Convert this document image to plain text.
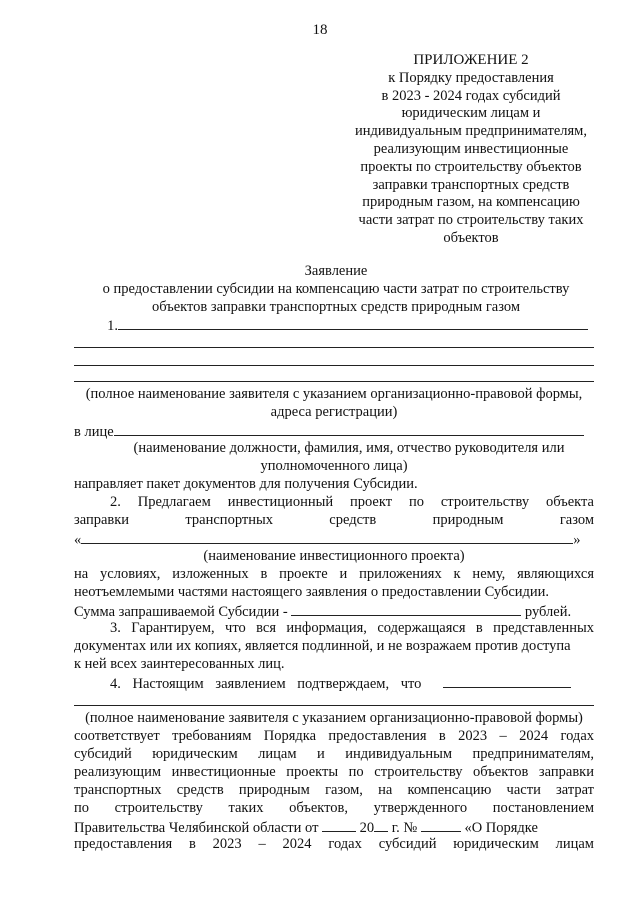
18
ПРИЛОЖЕНИЕ 2
к Порядку предоставления
в 2023 - 2024 годах субсидий
юридическим лицам и
индивидуальным предпринимателям,
реализующим инвестиционные
проекты по строительству объектов
заправки транспортных средств
природным газом, на компенсацию
части затрат по строительству таких
объектов
Заявление
о предоставлении субсидии на компенсацию части затрат по строительству
объектов заправки транспортных средств природным газом
1.
(полное наименование заявителя с указанием организационно-правовой формы,
адреса регистрации)
в лице
(наименование должности, фамилия, имя, отчество руководителя или
уполномоченного лица)
направляет пакет документов для получения Субсидии.
2. Предлагаем инвестиционный проект по строительству объекта
заправки транспортных средств природным газом
«	»
(наименование инвестиционного проекта)
на условиях, изложенных в проекте и приложениях к нему, являющихся
неотъемлемыми частями настоящего заявления о предоставлении Субсидии.
Сумма запрашиваемой Субсидии -	рублей.
3. Гарантируем, что вся информация, содержащаяся в представленных
документах или их копиях, является подлинной, и не возражаем против доступа
к ней всех заинтересованных лиц.
4. Настоящим заявлением подтверждаем, что
(полное наименование заявителя с указанием организационно-правовой формы)
соответствует требованиям Порядка предоставления в 2023 – 2024 годах
субсидий юридическим лицам и индивидуальным предпринимателям,
реализующим инвестиционные проекты по строительству объектов заправки
транспортных средств природным газом, на компенсацию части затрат
по строительству таких объектов, утвержденного постановлением
Правительства Челябинской области от	20 г. №	«О Порядке
предоставления в 2023 – 2024 годах субсидий юридическим лицам
